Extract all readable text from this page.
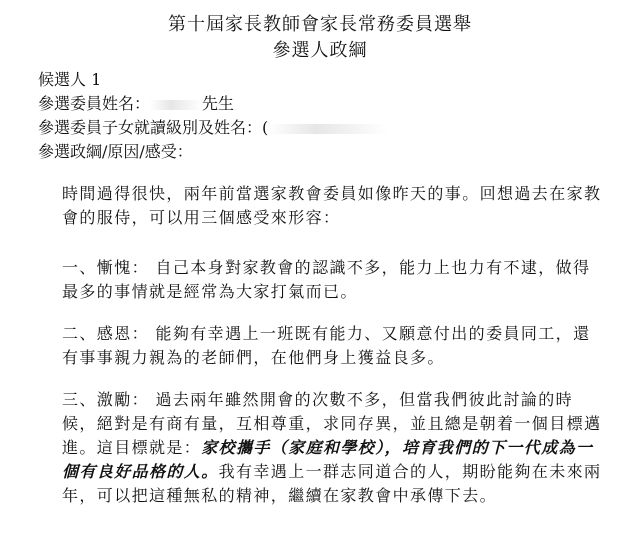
第十屆家長教師會家長常務委員選舉
參選人政綱
候選人 1
參選委員姓名：	先生
參選委員子女就讀級別及姓名：(
參選政綱/原因/感受：
時間過得很快，兩年前當選家教會委員如像昨天的事。回想過去在家教會的服侍，可以用三個感受來形容：
一、慚愧： 自己本身對家教會的認識不多，能力上也力有不逮，做得最多的事情就是經常為大家打氣而已。
二、感恩： 能夠有幸遇上一班既有能力、又願意付出的委員同工，還有事事親力親為的老師們，在他們身上獲益良多。
三、激勵： 過去兩年雖然開會的次數不多，但當我們彼此討論的時候，絕對是有商有量，互相尊重，求同存異，並且總是朝着一個目標邁進。這目標就是：家校攜手（家庭和學校），培育我們的下一代成為一個有良好品格的人。我有幸遇上一群志同道合的人，期盼能夠在未來兩年，可以把這種無私的精神，繼續在家教會中承傳下去。
